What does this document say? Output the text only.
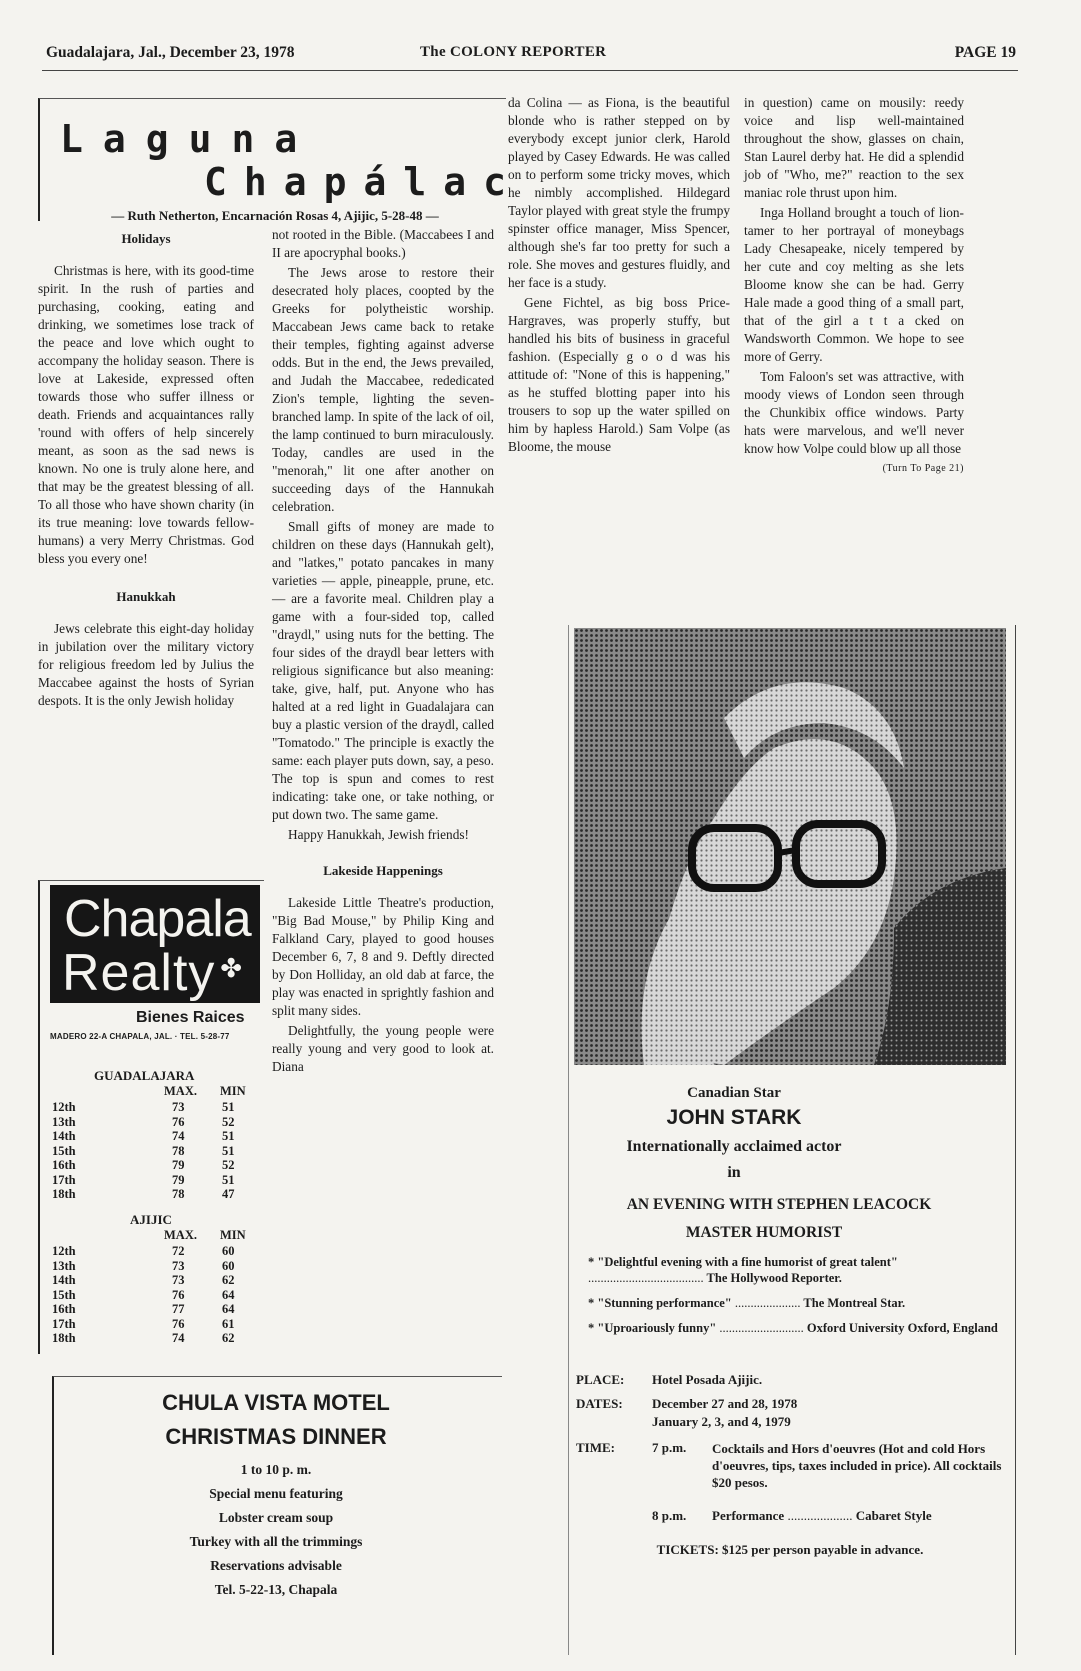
Guadalajara, Jal., December 23, 1978	The COLONY REPORTER	PAGE 19
Laguna
Chapálac
— Ruth Netherton, Encarnación Rosas 4, Ajijic, 5-28-48 —
Holidays

Christmas is here, with its good-time spirit. In the rush of parties and purchasing, cooking, eating and drinking, we sometimes lose track of the peace and love which ought to accompany the holiday season. There is love at Lakeside, expressed often towards those who suffer illness or death. Friends and acquaintances rally 'round with offers of help sincerely meant, as soon as the sad news is known. No one is truly alone here, and that may be the greatest blessing of all. To all those who have shown charity (in its true meaning: love towards fellow-humans) a very Merry Christmas. God bless you every one!

Hanukkah

Jews celebrate this eight-day holiday in jubilation over the military victory for religious freedom led by Julius the Maccabee against the hosts of Syrian despots. It is the only Jewish holiday

not rooted in the Bible. (Maccabees I and II are apocryphal books.)

The Jews arose to restore their desecrated holy places, coopted by the Greeks for polytheistic worship. Maccabean Jews came back to retake their temples, fighting against adverse odds. But in the end, the Jews prevailed, and Judah the Maccabee, rededicated Zion's temple, lighting the seven-branched lamp. In spite of the lack of oil, the lamp continued to burn miraculously. Today, candles are used in the "menorah," lit one after another on succeeding days of the Hannukah celebration.

Small gifts of money are made to children on these days (Hannukah gelt), and "latkes," potato pancakes in many varieties — apple, pineapple, prune, etc. — are a favorite meal. Children play a game with a four-sided top, called "draydl," using nuts for the betting. The four sides of the draydl bear letters with religious significance but also meaning: take, give, half, put. Anyone who has halted at a red light in Guadalajara can buy a plastic version of the draydl, called "Tomatodo." The principle is exactly the same: each player puts down, say, a peso. The top is spun and comes to rest indicating: take one, or take nothing, or put down two. The same game.

Happy Hanukkah, Jewish friends!

Lakeside Happenings

Lakeside Little Theatre's production, "Big Bad Mouse," by Philip King and Falkland Cary, played to good houses December 6, 7, 8 and 9. Deftly directed by Don Holliday, an old dab at farce, the play was enacted in sprightly fashion and split many sides.

Delightfully, the young people were really young and very good to look at. Diana

da Colina — as Fiona, is the beautiful blonde who is rather stepped on by everybody except junior clerk, Harold played by Casey Edwards. He was called on to perform some tricky moves, which he nimbly accomplished. Hildegard Taylor played with great style the frumpy spinster office manager, Miss Spencer, although she's far too pretty for such a role. She moves and gestures fluidly, and her face is a study.

Gene Fichtel, as big boss Price-Hargraves, was properly stuffy, but handled his bits of business in graceful fashion. (Especially g o o d was his attitude of: "None of this is happening," as he stuffed blotting paper into his trousers to sop up the water spilled on him by hapless Harold.) Sam Volpe (as Bloome, the mouse

in question) came on mousily: reedy voice and lisp well-maintained throughout the show, glasses on chain, Stan Laurel derby hat. He did a splendid job of "Who, me?" reaction to the sex maniac role thrust upon him.

Inga Holland brought a touch of lion-tamer to her portrayal of moneybags Lady Chesapeake, nicely tempered by her cute and coy melting as she lets Bloome know she can be had. Gerry Hale made a good thing of a small part, that of the girl a t t a cked on Wandsworth Common. We hope to see more of Gerry.

Tom Faloon's set was attractive, with moody views of London seen through the Chunkibix office windows. Party hats were marvelous, and we'll never know how Volpe could blow up all those

(Turn To Page 21)
Chapala
Realty ✤
Bienes Raices
MADERO 22-A CHAPALA, JAL. · TEL. 5-28-77
GUADALAJARA
MAX. MIN
12th	73	51
13th	76	52
14th	74	51
15th	78	51
16th	79	52
17th	79	51
18th	78	47
AJIJIC
MAX. MIN
12th	72	60
13th	73	60
14th	73	62
15th	76	64
16th	77	64
17th	76	61
18th	74	62
CHULA VISTA MOTEL
CHRISTMAS DINNER
1 to 10 p. m.
Special menu featuring
Lobster cream soup
Turkey with all the trimmings
Reservations advisable
Tel. 5-22-13, Chapala
Canadian Star
JOHN STARK
Internationally acclaimed actor
in
AN EVENING WITH STEPHEN LEACOCK
MASTER HUMORIST
* "Delightful evening with a fine humorist of great talent" ..................................... The Hollywood Reporter.
* "Stunning performance" ..................... The Montreal Star.
* "Uproariously funny" ........................... Oxford University Oxford, England
PLACE: Hotel Posada Ajijic.
DATES: December 27 and 28, 1978
January 2, 3, and 4, 1979
TIME:	7 p.m. Cocktails and Hors d'oeuvres (Hot and cold Hors d'oeuvres, tips, taxes included in price). All cocktails $20 pesos.
8 p.m. Performance .................... Cabaret Style
TICKETS: $125 per person payable in advance.
